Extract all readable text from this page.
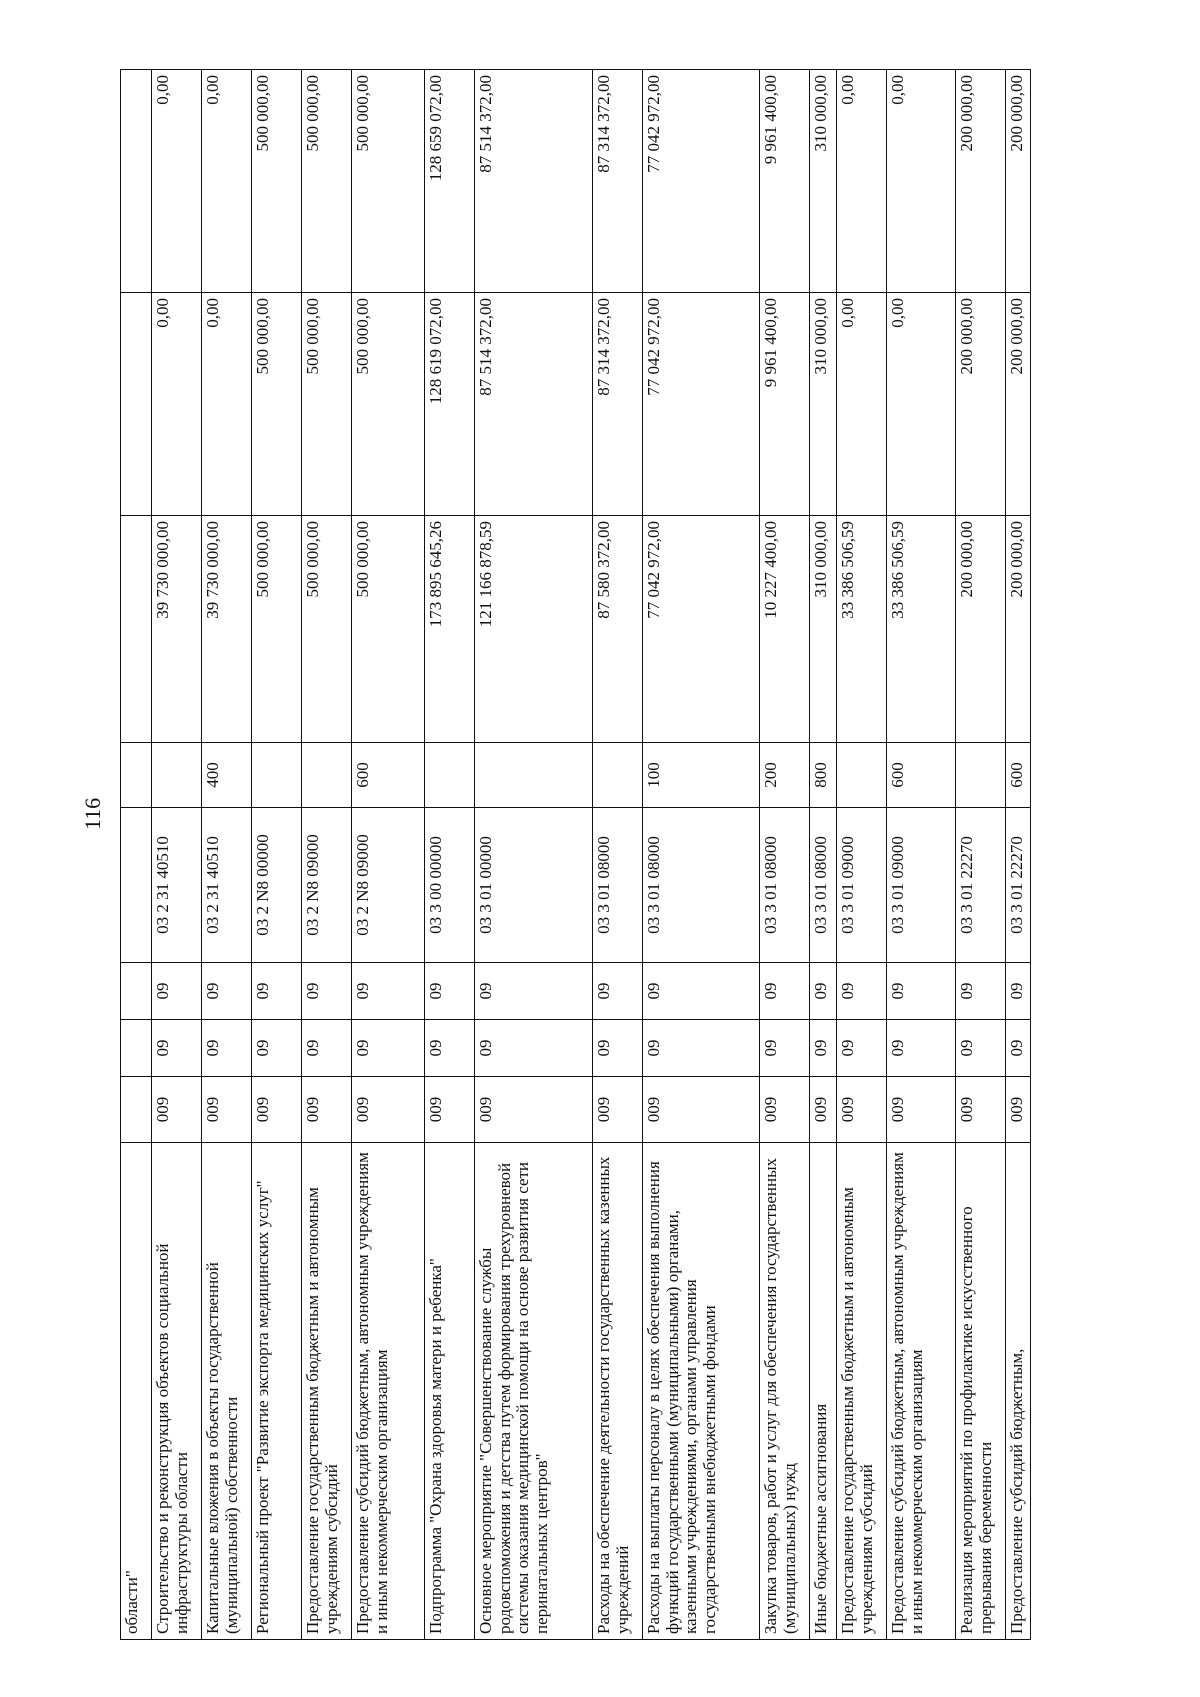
116
области"								
Строительство и реконструкция объектов социальной инфраструктуры области	009	09	09	03 2 31 40510		39 730 000,00	0,00	0,00
Капитальные вложения в объекты государственной (муниципальной) собственности	009	09	09	03 2 31 40510	400	39 730 000,00	0,00	0,00
Региональный проект "Развитие экспорта медицинских услуг"	009	09	09	03 2 N8 00000		500 000,00	500 000,00	500 000,00
Предоставление государственным бюджетным и автономным учреждениям субсидий	009	09	09	03 2 N8 09000		500 000,00	500 000,00	500 000,00
Предоставление субсидий бюджетным, автономным учреждениям и иным некоммерческим организациям	009	09	09	03 2 N8 09000	600	500 000,00	500 000,00	500 000,00
Подпрограмма "Охрана здоровья матери и ребенка"	009	09	09	03 3 00 00000		173 895 645,26	128 619 072,00	128 659 072,00
Основное мероприятие "Совершенствование службы родовспоможения и детства путем формирования трехуровневой системы оказания медицинской помощи на основе развития сети перинатальных центров"	009	09	09	03 3 01 00000		121 166 878,59	87 514 372,00	87 514 372,00
Расходы на обеспечение деятельности государственных казенных учреждений	009	09	09	03 3 01 08000		87 580 372,00	87 314 372,00	87 314 372,00
Расходы на выплаты персоналу в целях обеспечения выполнения функций государственными (муниципальными) органами, казенными учреждениями, органами управления государственными внебюджетными фондами	009	09	09	03 3 01 08000	100	77 042 972,00	77 042 972,00	77 042 972,00
Закупка товаров, работ и услуг для обеспечения государственных (муниципальных) нужд	009	09	09	03 3 01 08000	200	10 227 400,00	9 961 400,00	9 961 400,00
Иные бюджетные ассигнования	009	09	09	03 3 01 08000	800	310 000,00	310 000,00	310 000,00
Предоставление государственным бюджетным и автономным учреждениям субсидий	009	09	09	03 3 01 09000		33 386 506,59	0,00	0,00
Предоставление субсидий бюджетным, автономным учреждениям и иным некоммерческим организациям	009	09	09	03 3 01 09000	600	33 386 506,59	0,00	0,00
Реализация мероприятий по профилактике искусственного прерывания беременности	009	09	09	03 3 01 22270		200 000,00	200 000,00	200 000,00
Предоставление субсидий бюджетным,	009	09	09	03 3 01 22270	600	200 000,00	200 000,00	200 000,00
